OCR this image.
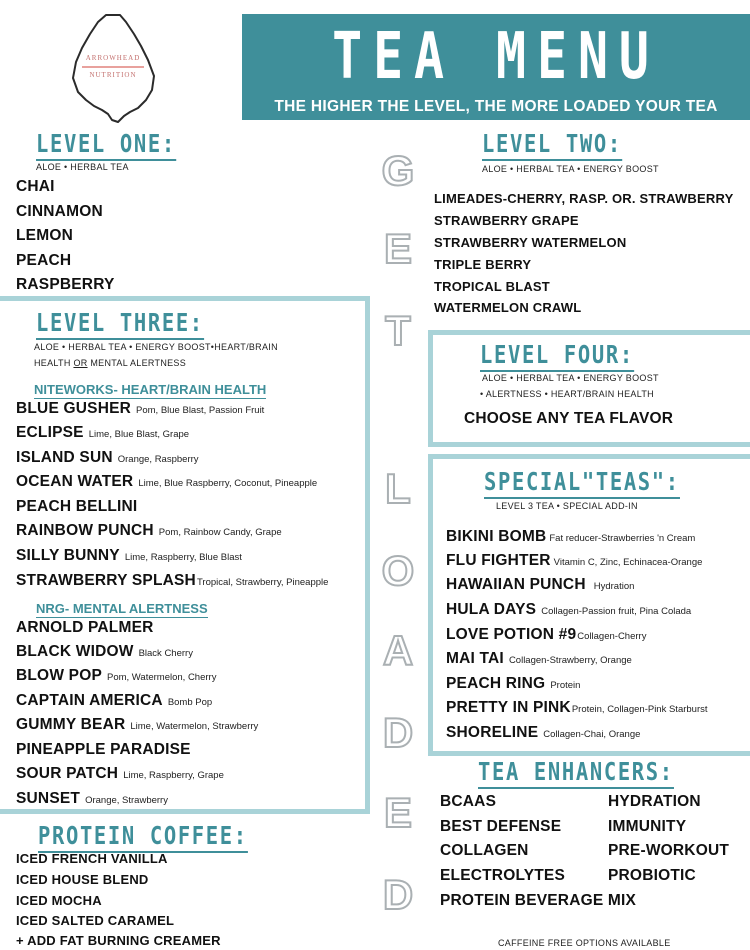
ARROWHEAD
NUTRITION	TEA MENU
THE HIGHER THE LEVEL, THE MORE LOADED YOUR TEA
G
E
T
L
O
A
D
E
D
LEVEL ONE:
ALOE • HERBAL TEA
CHAI
CINNAMON
LEMON
PEACH
RASPBERRY
LEVEL TWO:
ALOE • HERBAL TEA • ENERGY BOOST
LIMEADES-CHERRY, RASP. OR. STRAWBERRY
STRAWBERRY GRAPE
STRAWBERRY WATERMELON
TRIPLE BERRY
TROPICAL BLAST
WATERMELON CRAWL
LEVEL THREE:
ALOE • HERBAL TEA • ENERGY BOOST•HEART/BRAIN
HEALTH OR MENTAL ALERTNESS
NITEWORKS- HEART/BRAIN HEALTH
BLUE GUSHER Pom, Blue Blast, Passion Fruit
ECLIPSE Lime, Blue Blast, Grape
ISLAND SUN Orange, Raspberry
OCEAN WATER Lime, Blue Raspberry, Coconut, Pineapple
PEACH BELLINI
RAINBOW PUNCH Pom, Rainbow Candy, Grape
SILLY BUNNY Lime, Raspberry, Blue Blast
STRAWBERRY SPLASHTropical, Strawberry, Pineapple
NRG- MENTAL ALERTNESS
ARNOLD PALMER
BLACK WIDOW Black Cherry
BLOW POP Pom, Watermelon, Cherry
CAPTAIN AMERICA Bomb Pop
GUMMY BEAR Lime, Watermelon, Strawberry
PINEAPPLE PARADISE
SOUR PATCH Lime, Raspberry, Grape
SUNSET Orange, Strawberry
LEVEL FOUR:
ALOE • HERBAL TEA • ENERGY BOOST
• ALERTNESS • HEART/BRAIN HEALTH
CHOOSE ANY TEA FLAVOR
SPECIAL"TEAS":
LEVEL 3 TEA • SPECIAL ADD-IN
BIKINI BOMB Fat reducer-Strawberries 'n Cream
FLU FIGHTER Vitamin C, Zinc, Echinacea-Orange
HAWAIIAN PUNCH Hydration
HULA DAYS Collagen-Passion fruit, Pina Colada
LOVE POTION #9Collagen-Cherry
MAI TAI Collagen-Strawberry, Orange
PEACH RING Protein
PRETTY IN PINKProtein, Collagen-Pink Starburst
SHORELINE Collagen-Chai, Orange
TEA ENHANCERS:
BCAAS
BEST DEFENSE
COLLAGEN
ELECTROLYTES
HYDRATION
IMMUNITY
PRE-WORKOUT
PROBIOTIC
PROTEIN BEVERAGE MIX
PROTEIN COFFEE:
ICED FRENCH VANILLA
ICED HOUSE BLEND
ICED MOCHA
ICED SALTED CARAMEL
+ ADD FAT BURNING CREAMER	CAFFEINE FREE OPTIONS AVAILABLE
